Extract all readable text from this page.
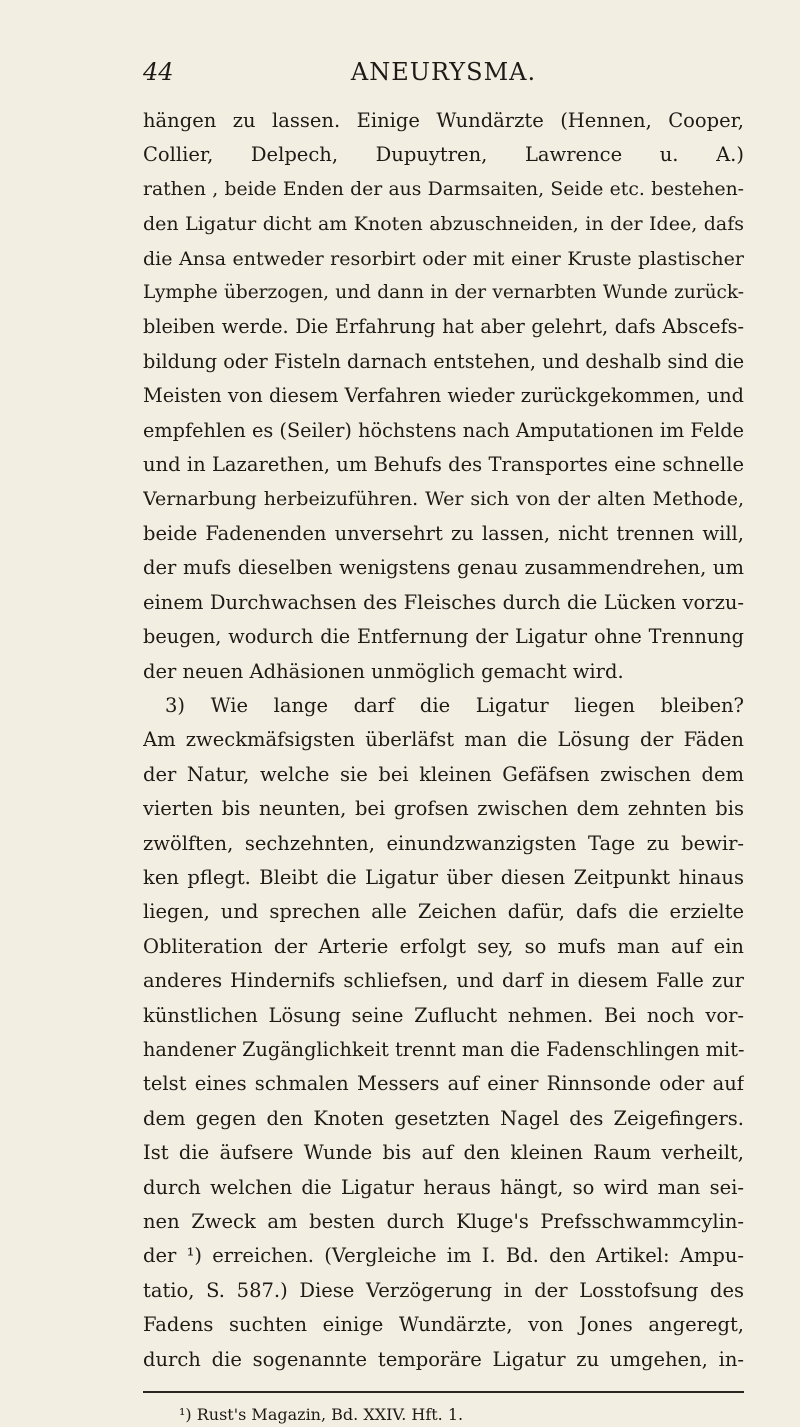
44	ANEURYSMA.
hängen zu lassen. Einige Wundärzte (Hennen, Cooper,
Collier, Delpech, Dupuytren, Lawrence u. A.)
rathen , beide Enden der aus Darmsaiten, Seide etc. bestehen-
den Ligatur dicht am Knoten abzuschneiden, in der Idee, dafs
die Ansa entweder resorbirt oder mit einer Kruste plastischer
Lymphe überzogen, und dann in der vernarbten Wunde zurück-
bleiben werde. Die Erfahrung hat aber gelehrt, dafs Abscefs-
bildung oder Fisteln darnach entstehen, und deshalb sind die
Meisten von diesem Verfahren wieder zurückgekommen, und
empfehlen es (Seiler) höchstens nach Amputationen im Felde
und in Lazarethen, um Behufs des Transportes eine schnelle
Vernarbung herbeizuführen. Wer sich von der alten Methode,
beide Fadenenden unversehrt zu lassen, nicht trennen will,
der mufs dieselben wenigstens genau zusammendrehen, um
einem Durchwachsen des Fleisches durch die Lücken vorzu-
beugen, wodurch die Entfernung der Ligatur ohne Trennung
der neuen Adhäsionen unmöglich gemacht wird.
3) Wie lange darf die Ligatur liegen bleiben?
Am zweckmäfsigsten überläfst man die Lösung der Fäden
der Natur, welche sie bei kleinen Gefäfsen zwischen dem
vierten bis neunten, bei grofsen zwischen dem zehnten bis
zwölften, sechzehnten, einundzwanzigsten Tage zu bewir-
ken pflegt. Bleibt die Ligatur über diesen Zeitpunkt hinaus
liegen, und sprechen alle Zeichen dafür, dafs die erzielte
Obliteration der Arterie erfolgt sey, so mufs man auf ein
anderes Hindernifs schliefsen, und darf in diesem Falle zur
künstlichen Lösung seine Zuflucht nehmen. Bei noch vor-
handener Zugänglichkeit trennt man die Fadenschlingen mit-
telst eines schmalen Messers auf einer Rinnsonde oder auf
dem gegen den Knoten gesetzten Nagel des Zeigefingers.
Ist die äufsere Wunde bis auf den kleinen Raum verheilt,
durch welchen die Ligatur heraus hängt, so wird man sei-
nen Zweck am besten durch Kluge's Prefsschwammcylin-
der ¹) erreichen. (Vergleiche im I. Bd. den Artikel: Ampu-
tatio, S. 587.) Diese Verzögerung in der Losstofsung des
Fadens suchten einige Wundärzte, von Jones angeregt,
durch die sogenannte temporäre Ligatur zu umgehen, in-
¹) Rust's Magazin, Bd. XXIV. Hft. 1.
